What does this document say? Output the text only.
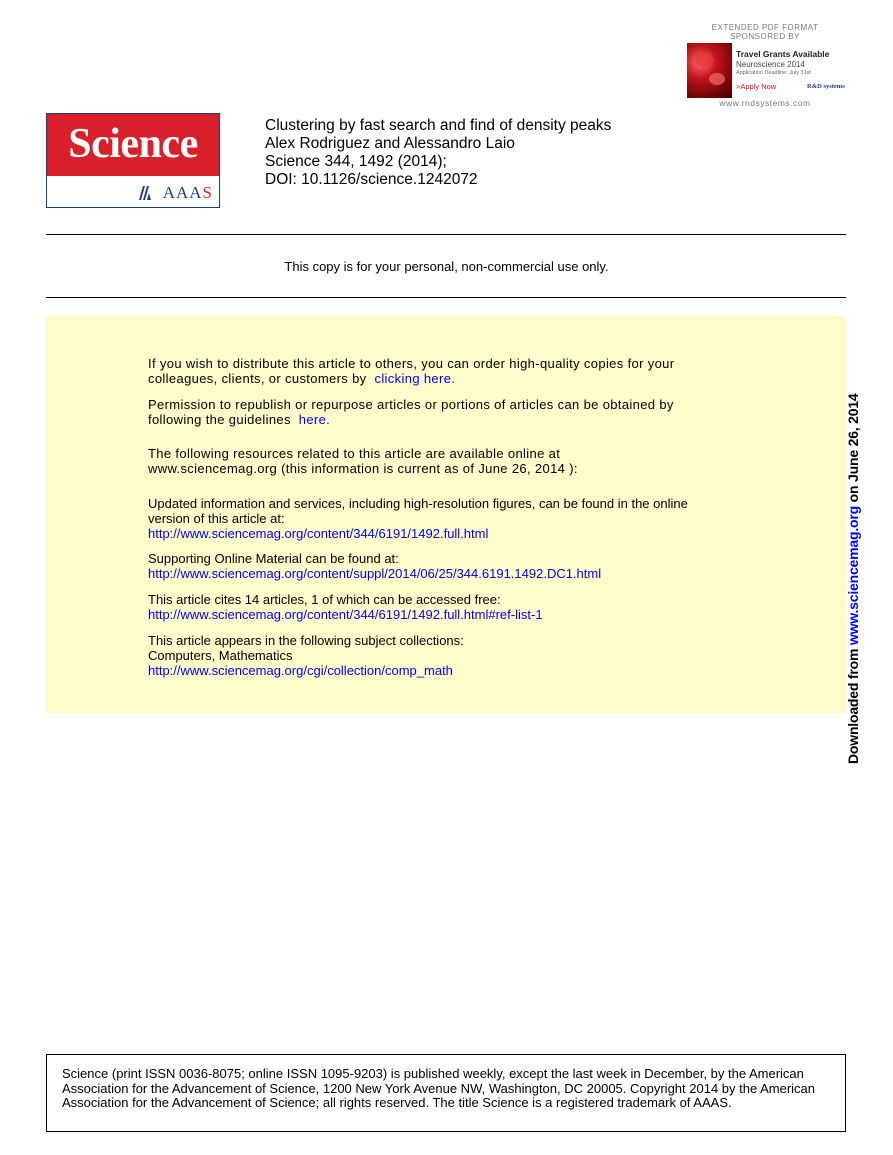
EXTENDED PDF FORMAT SPONSORED BY
Travel Grants Available
Neuroscience 2014
Application Deadline: July 31st
>Apply Now	R&D systems
www.rndsystems.com
Science
AAAS
Clustering by fast search and find of density peaks
Alex Rodriguez and Alessandro Laio
Science 344, 1492 (2014);
DOI: 10.1126/science.1242072
This copy is for your personal, non-commercial use only.
If you wish to distribute this article to others, you can order high-quality copies for your
colleagues, clients, or customers by clicking here.
Permission to republish or repurpose articles or portions of articles can be obtained by
following the guidelines here.
The following resources related to this article are available online at
www.sciencemag.org (this information is current as of June 26, 2014 ):
Updated information and services, including high-resolution figures, can be found in the online
version of this article at:
http://www.sciencemag.org/content/344/6191/1492.full.html
Supporting Online Material can be found at:
http://www.sciencemag.org/content/suppl/2014/06/25/344.6191.1492.DC1.html
This article cites 14 articles, 1 of which can be accessed free:
http://www.sciencemag.org/content/344/6191/1492.full.html#ref-list-1
This article appears in the following subject collections:
Computers, Mathematics
http://www.sciencemag.org/cgi/collection/comp_math	Downloaded from www.sciencemag.org on June 26, 2014
Science (print ISSN 0036-8075; online ISSN 1095-9203) is published weekly, except the last week in December, by the American Association for the Advancement of Science, 1200 New York Avenue NW, Washington, DC 20005. Copyright 2014 by the American Association for the Advancement of Science; all rights reserved. The title Science is a registered trademark of AAAS.
